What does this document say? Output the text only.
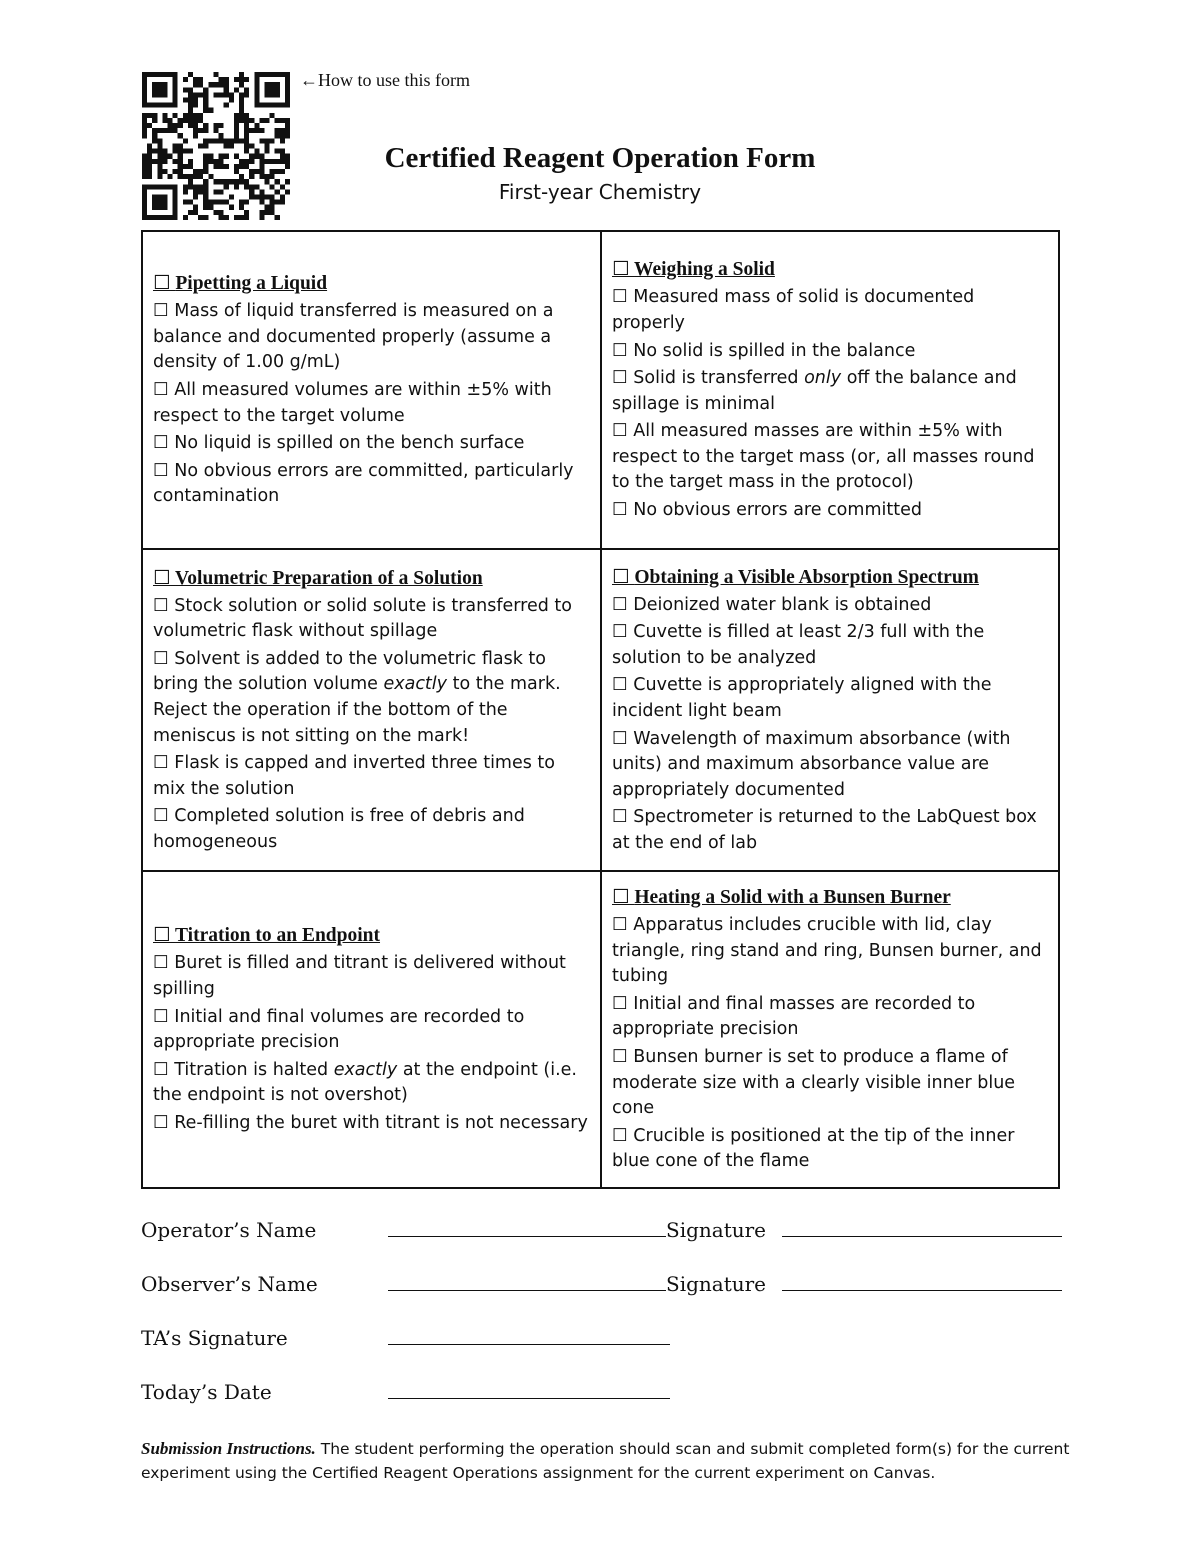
←How to use this form
Certified Reagent Operation Form
First-year Chemistry
☐ Pipetting a Liquid
☐ Mass of liquid transferred is measured on a balance and documented properly (assume a density of 1.00 g/mL)
☐ All measured volumes are within ±5% with respect to the target volume
☐ No liquid is spilled on the bench surface
☐ No obvious errors are committed, particularly contamination
☐ Weighing a Solid
☐ Measured mass of solid is documented properly
☐ No solid is spilled in the balance
☐ Solid is transferred only off the balance and spillage is minimal
☐ All measured masses are within ±5% with respect to the target mass (or, all masses round to the target mass in the protocol)
☐ No obvious errors are committed
☐ Volumetric Preparation of a Solution
☐ Stock solution or solid solute is transferred to volumetric flask without spillage
☐ Solvent is added to the volumetric flask to bring the solution volume exactly to the mark. Reject the operation if the bottom of the meniscus is not sitting on the mark!
☐ Flask is capped and inverted three times to mix the solution
☐ Completed solution is free of debris and homogeneous
☐ Obtaining a Visible Absorption Spectrum
☐ Deionized water blank is obtained
☐ Cuvette is filled at least 2/3 full with the solution to be analyzed
☐ Cuvette is appropriately aligned with the incident light beam
☐ Wavelength of maximum absorbance (with units) and maximum absorbance value are appropriately documented
☐ Spectrometer is returned to the LabQuest box at the end of lab
☐ Titration to an Endpoint
☐ Buret is filled and titrant is delivered without spilling
☐ Initial and final volumes are recorded to appropriate precision
☐ Titration is halted exactly at the endpoint (i.e. the endpoint is not overshot)
☐ Re-filling the buret with titrant is not necessary
☐ Heating a Solid with a Bunsen Burner
☐ Apparatus includes crucible with lid, clay triangle, ring stand and ring, Bunsen burner, and tubing
☐ Initial and final masses are recorded to appropriate precision
☐ Bunsen burner is set to produce a flame of moderate size with a clearly visible inner blue cone
☐ Crucible is positioned at the tip of the inner blue cone of the flame
Operator’s Name	Signature
Observer’s Name	Signature
TA’s Signature
Today’s Date
Submission Instructions. The student performing the operation should scan and submit completed form(s) for the current experiment using the Certified Reagent Operations assignment for the current experiment on Canvas.
